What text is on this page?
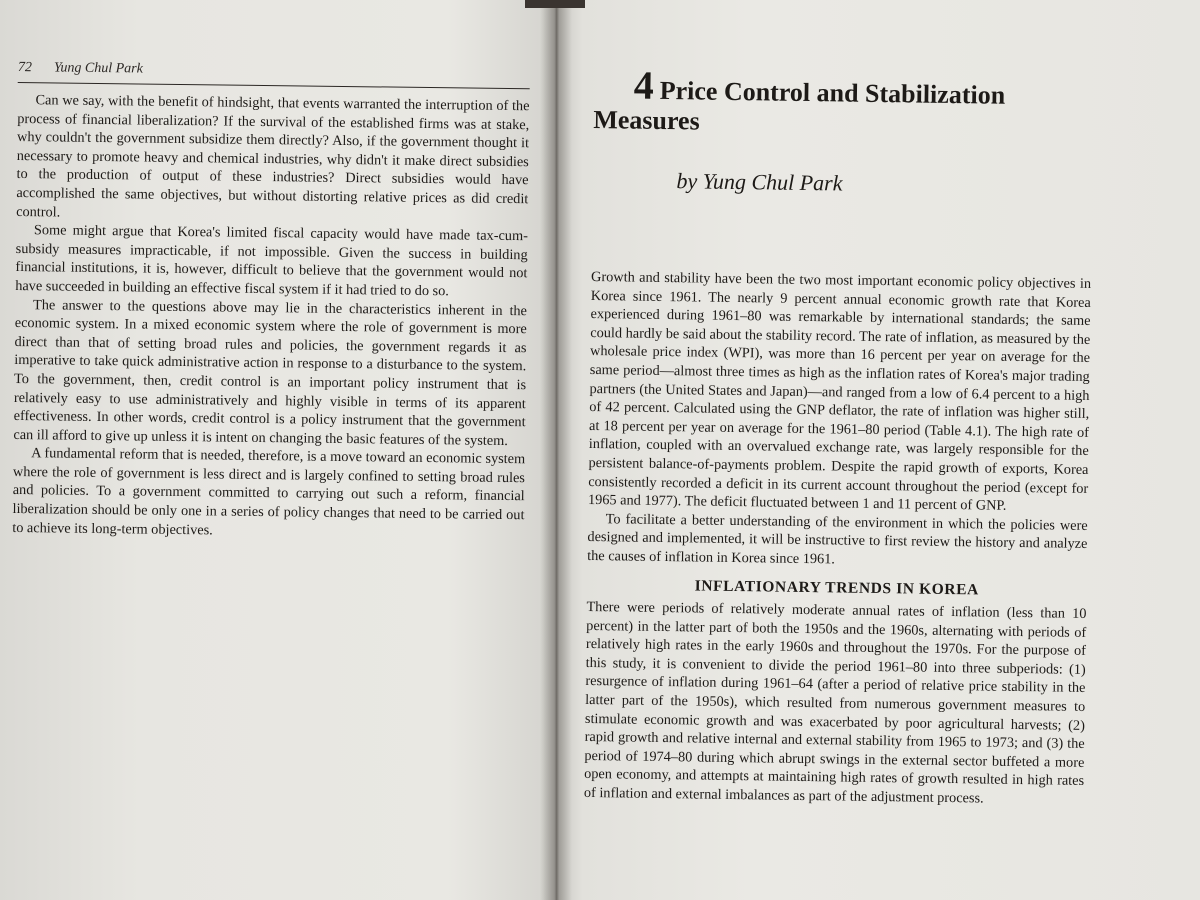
72 Yung Chul Park

Can we say, with the benefit of hindsight, that events warranted the interruption of the process of financial liberalization? If the survival of the established firms was at stake, why couldn't the government subsidize them directly? Also, if the government thought it necessary to promote heavy and chemical industries, why didn't it make direct subsidies to the production of output of these industries? Direct subsidies would have accomplished the same objectives, but without distorting relative prices as did credit control.

Some might argue that Korea's limited fiscal capacity would have made tax-cum-subsidy measures impracticable, if not impossible. Given the success in building financial institutions, it is, however, difficult to believe that the government would not have succeeded in building an effective fiscal system if it had tried to do so.

The answer to the questions above may lie in the characteristics inherent in the economic system. In a mixed economic system where the role of government is more direct than that of setting broad rules and policies, the government regards it as imperative to take quick administrative action in response to a disturbance to the system. To the government, then, credit control is an important policy instrument that is relatively easy to use administratively and highly visible in terms of its apparent effectiveness. In other words, credit control is a policy instrument that the government can ill afford to give up unless it is intent on changing the basic features of the system.

A fundamental reform that is needed, therefore, is a move toward an economic system where the role of government is less direct and is largely confined to setting broad rules and policies. To a government committed to carrying out such a reform, financial liberalization should be only one in a series of policy changes that need to be carried out to achieve its long-term objectives.

4 Price Control and Stabilization
Measures
by Yung Chul Park

Growth and stability have been the two most important economic policy objectives in Korea since 1961. The nearly 9 percent annual economic growth rate that Korea experienced during 1961–80 was remarkable by international standards; the same could hardly be said about the stability record. The rate of inflation, as measured by the wholesale price index (WPI), was more than 16 percent per year on average for the same period—almost three times as high as the inflation rates of Korea's major trading partners (the United States and Japan)—and ranged from a low of 6.4 percent to a high of 42 percent. Calculated using the GNP deflator, the rate of inflation was higher still, at 18 percent per year on average for the 1961–80 period (Table 4.1). The high rate of inflation, coupled with an overvalued exchange rate, was largely responsible for the persistent balance-of-payments problem. Despite the rapid growth of exports, Korea consistently recorded a deficit in its current account throughout the period (except for 1965 and 1977). The deficit fluctuated between 1 and 11 percent of GNP.

To facilitate a better understanding of the environment in which the policies were designed and implemented, it will be instructive to first review the history and analyze the causes of inflation in Korea since 1961.

INFLATIONARY TRENDS IN KOREA

There were periods of relatively moderate annual rates of inflation (less than 10 percent) in the latter part of both the 1950s and the 1960s, alternating with periods of relatively high rates in the early 1960s and throughout the 1970s. For the purpose of this study, it is convenient to divide the period 1961–80 into three subperiods: (1) resurgence of inflation during 1961–64 (after a period of relative price stability in the latter part of the 1950s), which resulted from numerous government measures to stimulate economic growth and was exacerbated by poor agricultural harvests; (2) rapid growth and relative internal and external stability from 1965 to 1973; and (3) the period of 1974–80 during which abrupt swings in the external sector buffeted a more open economy, and attempts at maintaining high rates of growth resulted in high rates of inflation and external imbalances as part of the adjustment process.
